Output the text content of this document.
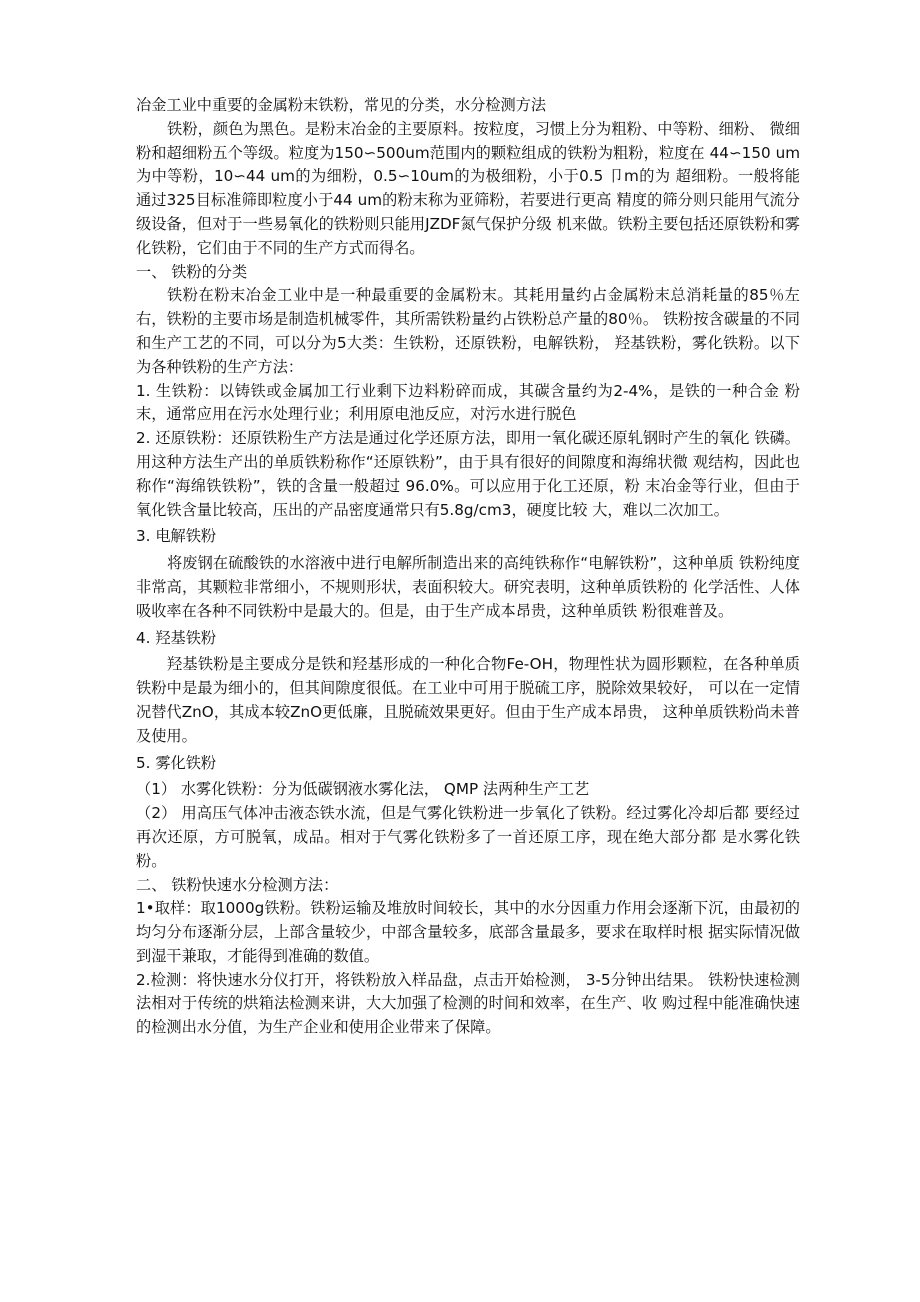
冶金工业中重要的金属粉末铁粉，常见的分类，水分检测方法

铁粉，颜色为黑色。是粉末冶金的主要原料。按粒度，习惯上分为粗粉、中等粉、细粉、 微细粉和超细粉五个等级。粒度为150∽500um范围内的颗粒组成的铁粉为粗粉，粒度在 44∽150 um为中等粉，10∽44 um的为细粉，0.5∽10um的为极细粉，小于0.5 卩m的为 超细粉。一般将能通过325目标准筛即粒度小于44 um的粉末称为亚筛粉，若要进行更高 精度的筛分则只能用气流分级设备，但对于一些易氧化的铁粉则只能用JZDF氮气保护分级 机来做。铁粉主要包括还原铁粉和雾化铁粉，它们由于不同的生产方式而得名。

一、 铁粉的分类

铁粉在粉末冶金工业中是一种最重要的金属粉末。其耗用量约占金属粉末总消耗量的85％左右，铁粉的主要市场是制造机械零件，其所需铁粉量约占铁粉总产量的80％。 铁粉按含碳量的不同和生产工艺的不同，可以分为5大类：生铁粉，还原铁粉，电解铁粉， 羟基铁粉，雾化铁粉。以下为各种铁粉的生产方法：

1. 生铁粉：以铸铁或金属加工行业剩下边料粉碎而成，其碳含量约为2-4%，是铁的一种合金 粉末，通常应用在污水处理行业；利用原电池反应，对污水进行脱色

2. 还原铁粉：还原铁粉生产方法是通过化学还原方法，即用一氧化碳还原轧钢时产生的氧化 铁磷。用这种方法生产出的单质铁粉称作“还原铁粉”，由于具有很好的间隙度和海绵状微 观结构，因此也称作“海绵铁铁粉”，铁的含量一般超过 96.0%。可以应用于化工还原，粉 末冶金等行业，但由于氧化铁含量比较高，压出的产品密度通常只有5.8g/cm3，硬度比较 大，难以二次加工。

3. 电解铁粉

将废钢在硫酸铁的水溶液中进行电解所制造出来的高纯铁称作“电解铁粉”，这种单质 铁粉纯度非常高，其颗粒非常细小，不规则形状，表面积较大。研究表明，这种单质铁粉的 化学活性、人体吸收率在各种不同铁粉中是最大的。但是，由于生产成本昂贵，这种单质铁 粉很难普及。

4. 羟基铁粉

羟基铁粉是主要成分是铁和羟基形成的一种化合物Fe-OH，物理性状为圆形颗粒，在各种单质铁粉中是最为细小的，但其间隙度很低。在工业中可用于脱硫工序，脱除效果较好， 可以在一定情况替代ZnO，其成本较ZnO更低廉，且脱硫效果更好。但由于生产成本昂贵， 这种单质铁粉尚未普及使用。

5. 雾化铁粉

（1） 水雾化铁粉：分为低碳钢液水雾化法， QMP 法两种生产工艺

（2） 用高压气体冲击液态铁水流，但是气雾化铁粉进一步氧化了铁粉。经过雾化冷却后都 要经过再次还原，方可脱氧，成品。相对于气雾化铁粉多了一首还原工序，现在绝大部分都 是水雾化铁粉。

二、 铁粉快速水分检测方法：

1•取样：取1000g铁粉。铁粉运输及堆放时间较长，其中的水分因重力作用会逐渐下沉，由最初的均匀分布逐渐分层，上部含量较少，中部含量较多，底部含量最多，要求在取样时根 据实际情况做到湿干兼取，才能得到准确的数值。

2.检测：将快速水分仪打开，将铁粉放入样品盘，点击开始检测， 3-5分钟出结果。 铁粉快速检测法相对于传统的烘箱法检测来讲，大大加强了检测的时间和效率，在生产、收 购过程中能准确快速的检测出水分值，为生产企业和使用企业带来了保障。
